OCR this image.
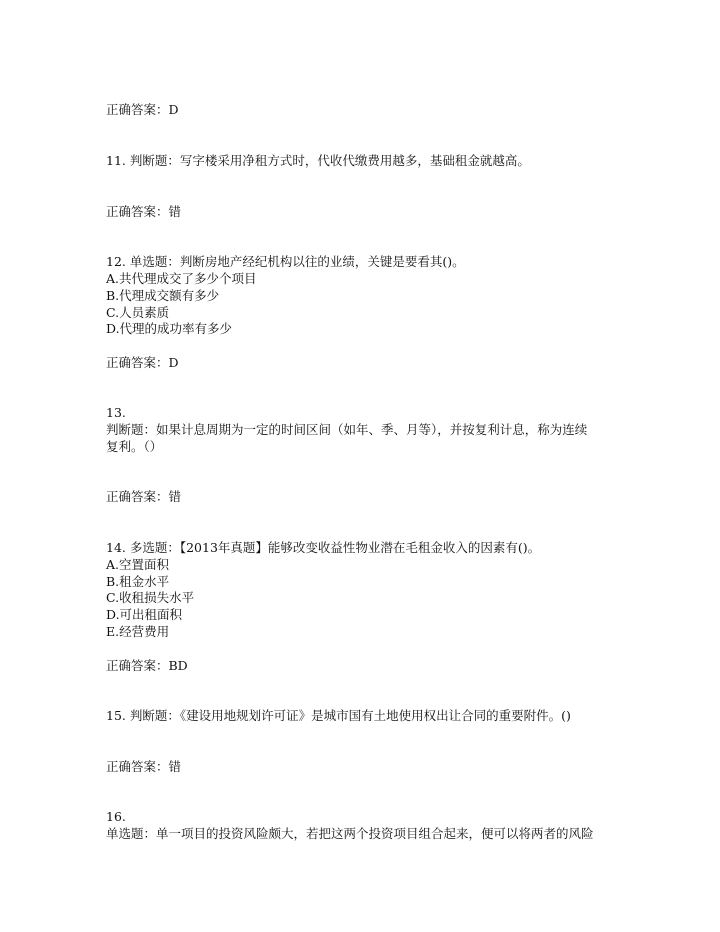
正确答案：D
11. 判断题：写字楼采用净租方式时，代收代缴费用越多，基础租金就越高。
正确答案：错
12. 单选题：判断房地产经纪机构以往的业绩，关键是要看其()。
A.共代理成交了多少个项目
B.代理成交额有多少
C.人员素质
D.代理的成功率有多少
正确答案：D
13.
判断题：如果计息周期为一定的时间区间（如年、季、月等），并按复利计息，称为连续
复利。（）
正确答案：错
14. 多选题：【2013年真题】能够改变收益性物业潜在毛租金收入的因素有()。
A.空置面积
B.租金水平
C.收租损失水平
D.可出租面积
E.经营费用
正确答案：BD
15. 判断题：《建设用地规划许可证》是城市国有土地使用权出让合同的重要附件。()
正确答案：错
16.
单选题：单一项目的投资风险颇大，若把这两个投资项目组合起来，便可以将两者的风险
